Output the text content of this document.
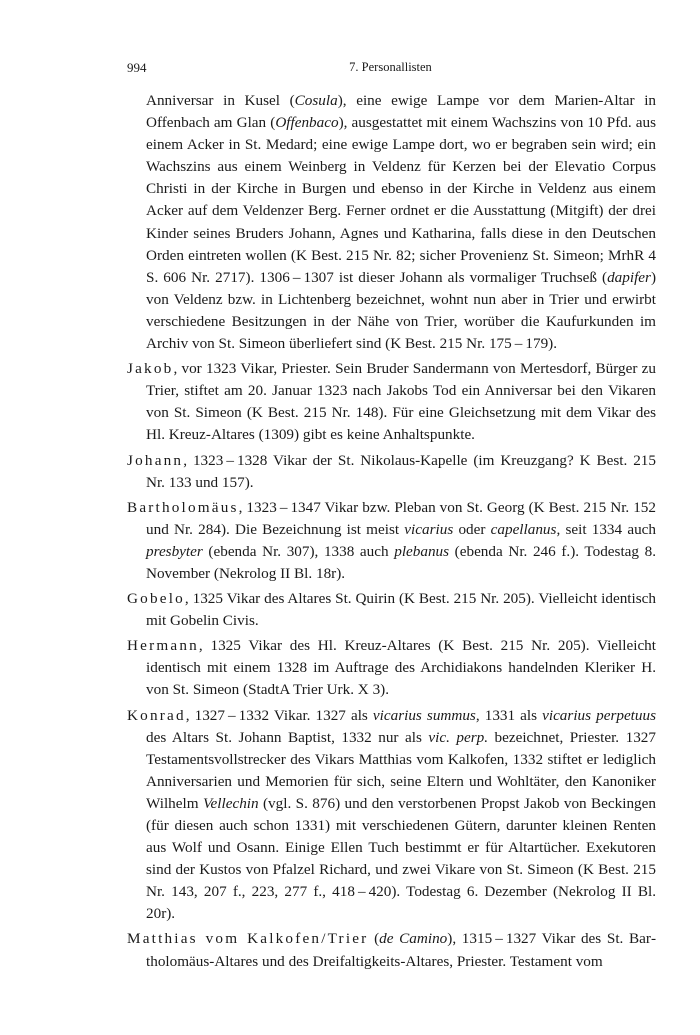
994	7. Personallisten

Anniversar in Kusel (Cosula), eine ewige Lampe vor dem Marien-Altar in Offenbach am Glan (Offenbaco), ausgestattet mit einem Wachszins von 10 Pfd. aus einem Acker in St. Medard; eine ewige Lampe dort, wo er begraben sein wird; ein Wachszins aus einem Weinberg in Veldenz für Kerzen bei der Elevatio Corpus Christi in der Kirche in Burgen und ebenso in der Kirche in Veldenz aus einem Acker auf dem Veldenzer Berg. Ferner ordnet er die Ausstattung (Mitgift) der drei Kinder seines Bruders Johann, Agnes und Katharina, falls diese in den Deutschen Orden eintreten wollen (K Best. 215 Nr. 82; sicher Provenienz St. Simeon; MrhR 4 S. 606 Nr. 2717). 1306 – 1307 ist dieser Johann als vormaliger Truchseß (dapifer) von Veldenz bzw. in Lichtenberg bezeichnet, wohnt nun aber in Trier und erwirbt verschiedene Besitzungen in der Nähe von Trier, worüber die Kaufurkunden im Archiv von St. Simeon überliefert sind (K Best. 215 Nr. 175 – 179).

Jakob, vor 1323 Vikar, Priester. Sein Bruder Sandermann von Mertesdorf, Bürger zu Trier, stiftet am 20. Januar 1323 nach Jakobs Tod ein Anniversar bei den Vikaren von St. Simeon (K Best. 215 Nr. 148). Für eine Gleichsetzung mit dem Vikar des Hl. Kreuz-Altares (1309) gibt es keine Anhaltspunkte.

Johann, 1323 – 1328 Vikar der St. Nikolaus-Kapelle (im Kreuzgang? K Best. 215 Nr. 133 und 157).

Bartholomäus, 1323 – 1347 Vikar bzw. Pleban von St. Georg (K Best. 215 Nr. 152 und Nr. 284). Die Bezeichnung ist meist vicarius oder capellanus, seit 1334 auch presbyter (ebenda Nr. 307), 1338 auch plebanus (ebenda Nr. 246 f.). Todestag 8. November (Nekrolog II Bl. 18r).

Gobelo, 1325 Vikar des Altares St. Quirin (K Best. 215 Nr. 205). Vielleicht identisch mit Gobelin Civis.

Hermann, 1325 Vikar des Hl. Kreuz-Altares (K Best. 215 Nr. 205). Vielleicht identisch mit einem 1328 im Auftrage des Archidiakons handelnden Kleriker H. von St. Simeon (StadtA Trier Urk. X 3).

Konrad, 1327 – 1332 Vikar. 1327 als vicarius summus, 1331 als vicarius perpetuus des Altars St. Johann Baptist, 1332 nur als vic. perp. bezeichnet, Priester. 1327 Testamentsvollstrecker des Vikars Matthias vom Kalkofen, 1332 stiftet er lediglich Anniversarien und Memorien für sich, seine Eltern und Wohltäter, den Kanoniker Wilhelm Vellechin (vgl. S. 876) und den verstorbenen Propst Jakob von Beckingen (für diesen auch schon 1331) mit verschiedenen Gütern, darunter kleinen Renten aus Wolf und Osann. Einige Ellen Tuch bestimmt er für Altartücher. Exekutoren sind der Kustos von Pfalzel Richard, und zwei Vikare von St. Simeon (K Best. 215 Nr. 143, 207 f., 223, 277 f., 418 – 420). Todestag 6. Dezember (Nekrolog II Bl. 20r).

Matthias vom Kalkofen/Trier (de Camino), 1315 – 1327 Vikar des St. Bartholomäus-Altares und des Dreifaltigkeits-Altares, Priester. Testament vom
